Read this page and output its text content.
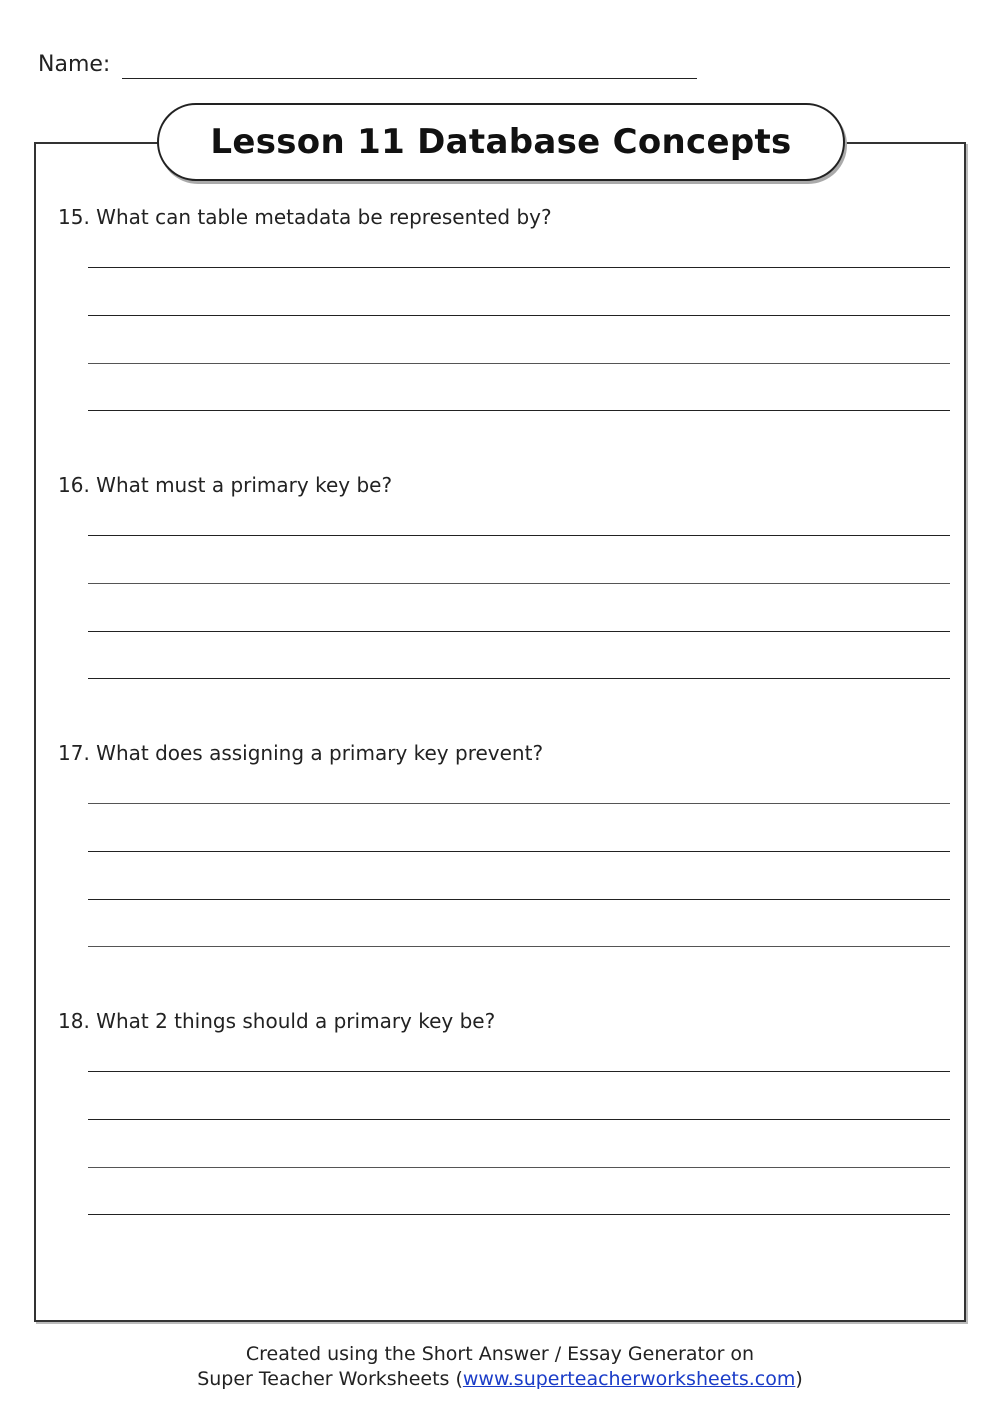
Name:
Lesson 11 Database Concepts
15. What can table metadata be represented by?
16. What must a primary key be?
17. What does assigning a primary key prevent?
18. What 2 things should a primary key be?
Created using the Short Answer / Essay Generator on
Super Teacher Worksheets (www.superteacherworksheets.com)
